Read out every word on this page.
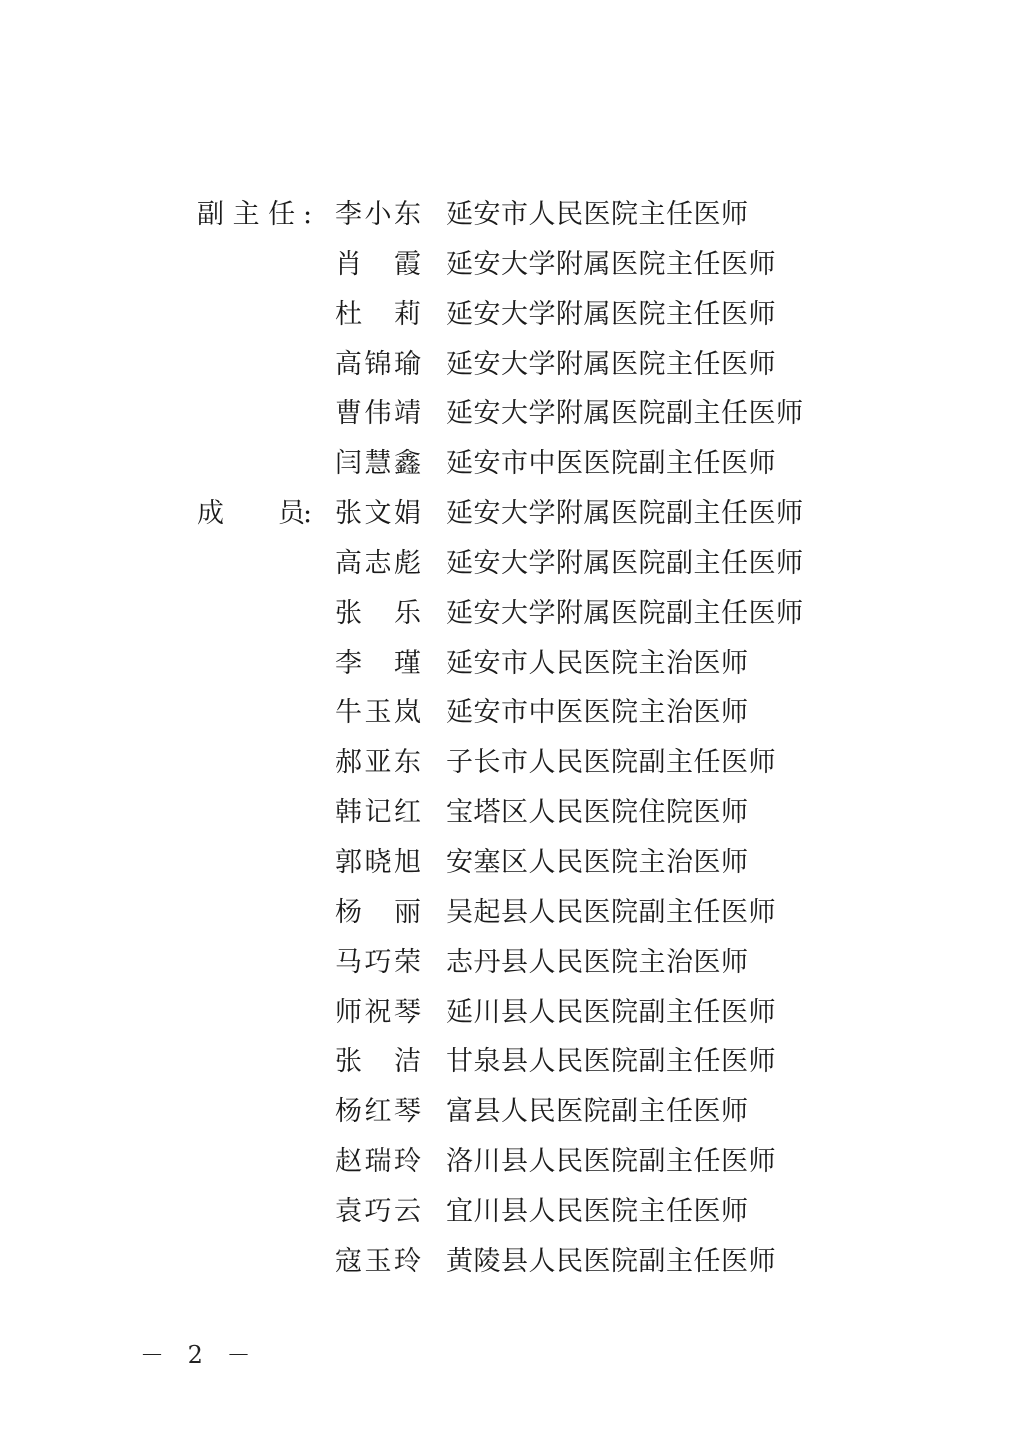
副 主 任 : 李小东 延安市人民医院主任医师
肖霞 延安大学附属医院主任医师
杜莉 延安大学附属医院主任医师
高锦瑜 延安大学附属医院主任医师
曹伟靖 延安大学附属医院副主任医师
闫慧鑫 延安市中医医院副主任医师
成　　员
: 张文娟 延安大学附属医院副主任医师
高志彪 延安大学附属医院副主任医师
张乐 延安大学附属医院副主任医师
李瑾 延安市人民医院主治医师
牛玉岚 延安市中医医院主治医师
郝亚东 子长市人民医院副主任医师
韩记红 宝塔区人民医院住院医师
郭晓旭 安塞区人民医院主治医师
杨丽 吴起县人民医院副主任医师
马巧荣 志丹县人民医院主治医师
师祝琴 延川县人民医院副主任医师
张洁 甘泉县人民医院副主任医师
杨红琴 富县人民医院副主任医师
赵瑞玲 洛川县人民医院副主任医师
袁巧云 宜川县人民医院主任医师
寇玉玲 黄陵县人民医院副主任医师
－ 2 －
